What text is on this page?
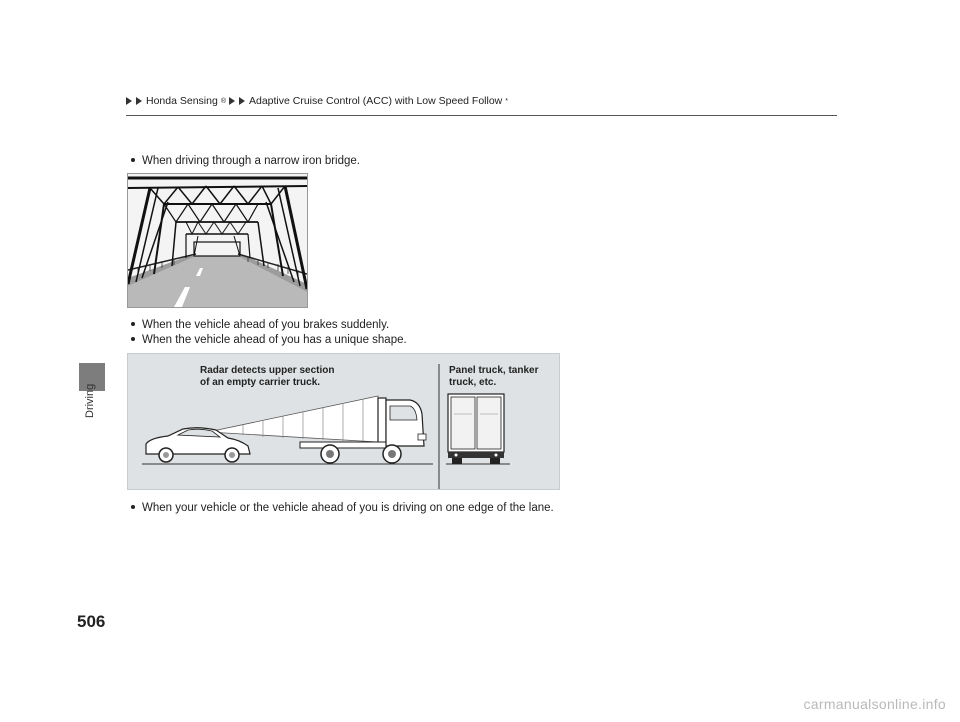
Honda Sensing ® Adaptive Cruise Control (ACC) with Low Speed Follow *
Driving
When driving through a narrow iron bridge.
When the vehicle ahead of you brakes suddenly.
When the vehicle ahead of you has a unique shape.
Radar detects upper section
of an empty carrier truck.
Panel truck, tanker
truck, etc.
When your vehicle or the vehicle ahead of you is driving on one edge of the lane.
506
carmanualsonline.info
